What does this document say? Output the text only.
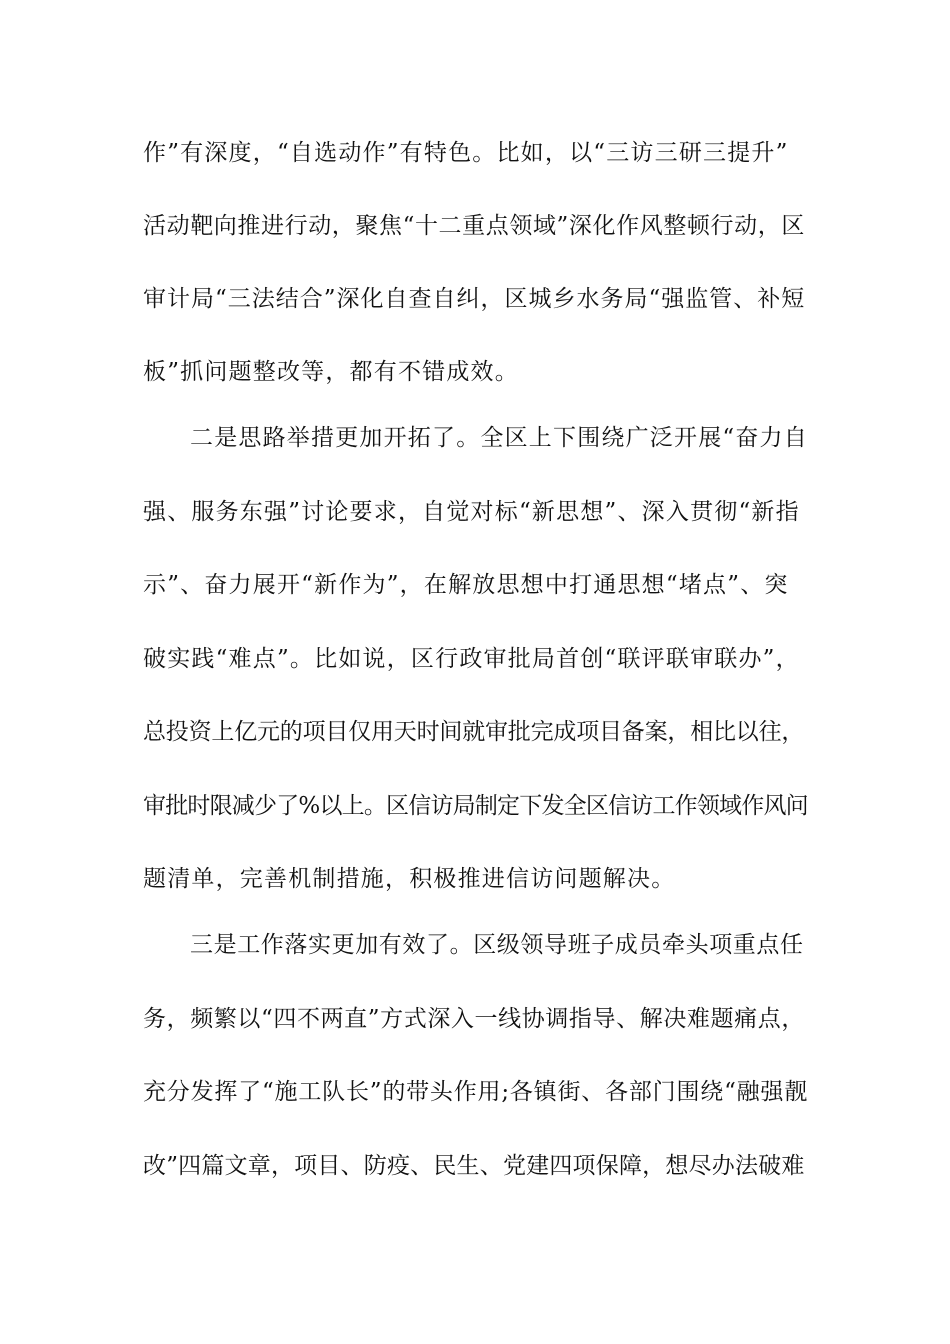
作”有深度，“自选动作”有特色。比如，以“三访三研三提升”

活动靶向推进行动，聚焦“十二重点领域”深化作风整顿行动，区

审计局“三法结合”深化自查自纠，区城乡水务局“强监管、补短

板”抓问题整改等，都有不错成效。

二是思路举措更加开拓了。全区上下围绕广泛开展“奋力自

强、服务东强”讨论要求，自觉对标“新思想”、深入贯彻“新指

示”、奋力展开“新作为”，在解放思想中打通思想“堵点”、突

破实践“难点”。比如说，区行政审批局首创“联评联审联办”，

总投资上亿元的项目仅用天时间就审批完成项目备案，相比以往，

审批时限减少了%以上。区信访局制定下发全区信访工作领域作风问

题清单，完善机制措施，积极推进信访问题解决。

三是工作落实更加有效了。区级领导班子成员牵头项重点任

务，频繁以“四不两直”方式深入一线协调指导、解决难题痛点，

充分发挥了“施工队长”的带头作用;各镇街、各部门围绕“融强靓

改”四篇文章，项目、防疫、民生、党建四项保障，想尽办法破难
